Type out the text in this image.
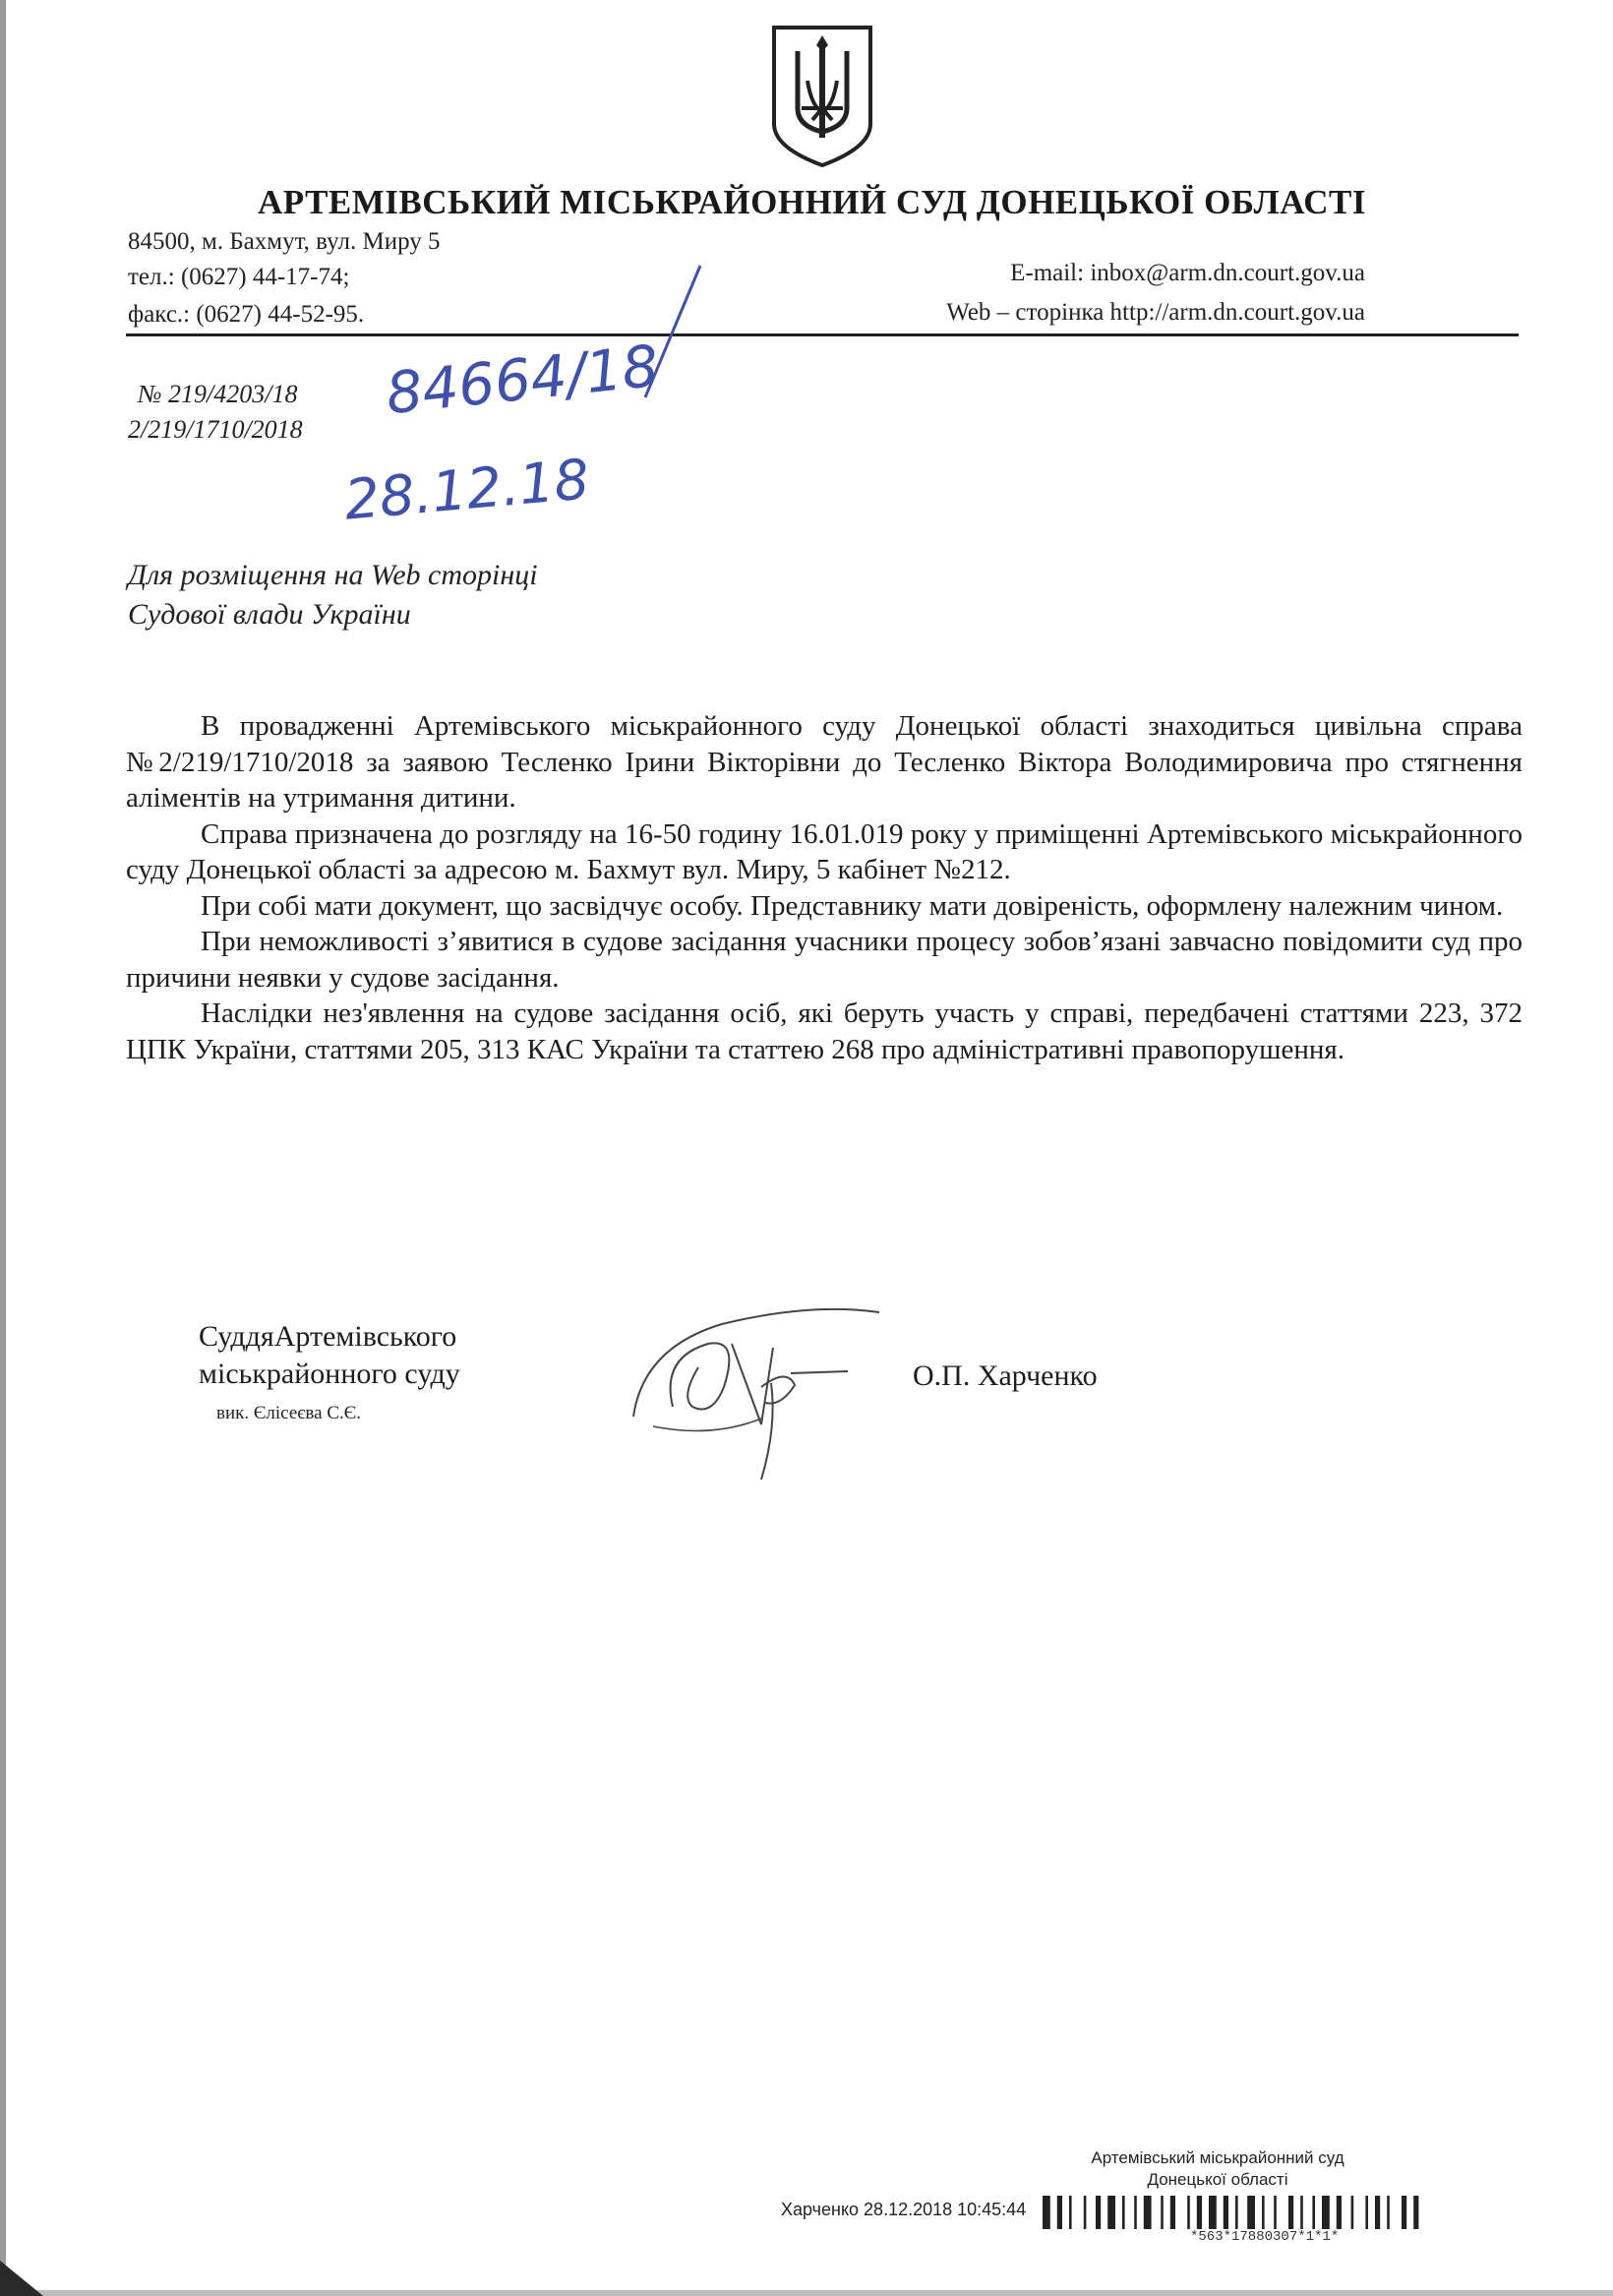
АРТЕМІВСЬКИЙ МІСЬКРАЙОННИЙ СУД ДОНЕЦЬКОЇ ОБЛАСТІ
84500, м. Бахмут, вул. Миру 5
тел.: (0627) 44-17-74;
факс.: (0627) 44-52-95.
E-mail: inbox@arm.dn.court.gov.ua
Web – сторінка http://arm.dn.court.gov.ua
№ 219/4203/18
2/219/1710/2018
84664/18
28.12.18
Для розміщення на Web сторінці
Судової влади України

В провадженні Артемівського міськрайонного суду Донецької області знаходиться цивільна справа №2/219/1710/2018 за заявою Тесленко Ірини Вікторівни до Тесленко Віктора Володимировича про стягнення аліментів на утримання дитини.

Справа призначена до розгляду на 16-50 годину 16.01.019 року у приміщенні Артемівського міськрайонного суду Донецької області за адресою м. Бахмут вул. Миру, 5 кабінет №212.

При собі мати документ, що засвідчує особу. Представнику мати довіреність, оформлену належним чином.

При неможливості з’явитися в судове засідання учасники процесу зобов’язані завчасно повідомити суд про причини неявки у судове засідання.

Наслідки нез'явлення на судове засідання осіб, які беруть участь у справі, передбачені статтями 223, 372 ЦПК України, статтями 205, 313 КАС України та статтею 268 про адміністративні правопорушення.

СуддяАртемівського
міськрайонного суду
вик. Єлісеєва С.Є.
О.П. Харченко
Артемівський міськрайонний суд
Донецької області
Харченко 28.12.2018 10:45:44
*563*17880307*1*1*
